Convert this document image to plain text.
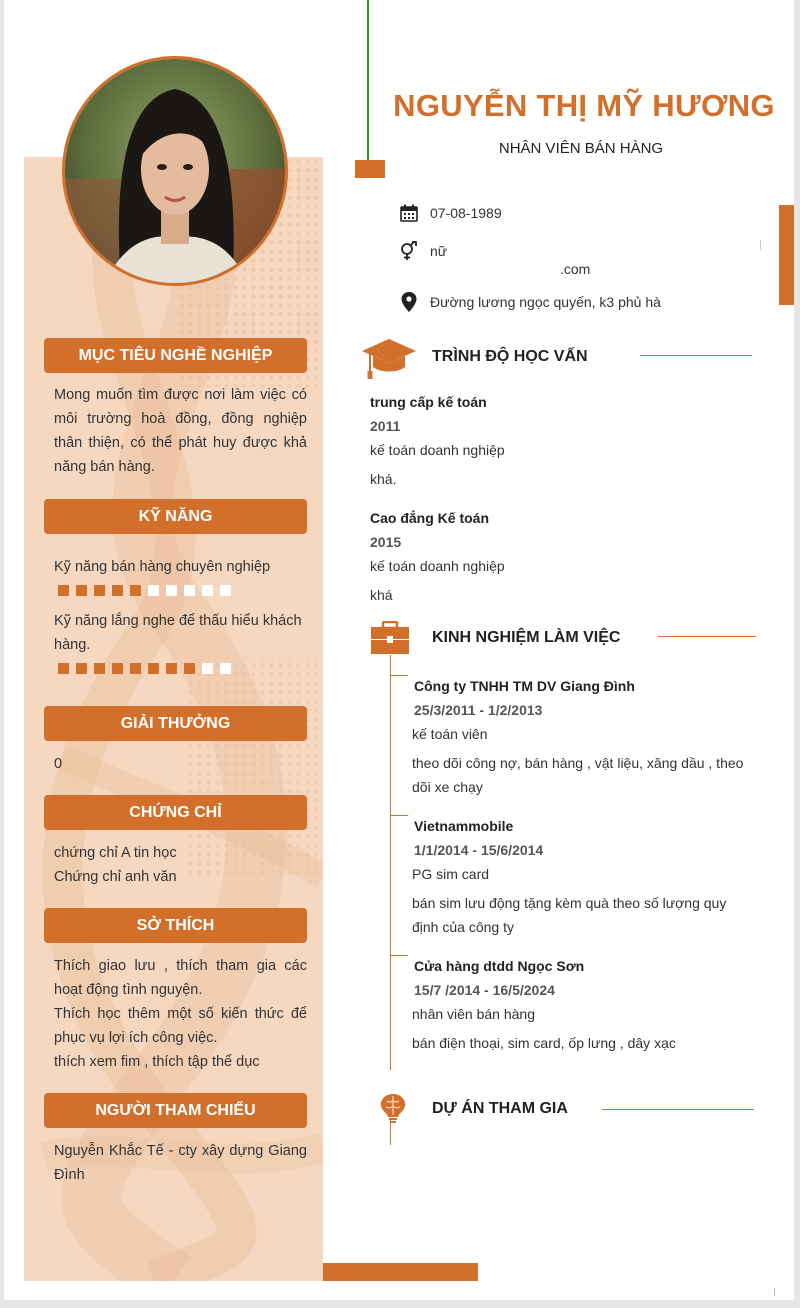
MỤC TIÊU NGHỀ NGHIỆP
Mong muốn tìm được nơi làm việc có môi trường hoà đồng, đồng nghiệp thân thiện, có thể phát huy được khả năng bán hàng.
KỸ NĂNG
Kỹ năng bán hàng chuyên nghiệp
Kỹ năng lắng nghe để thấu hiểu khách hàng.
GIẢI THƯỞNG
0
CHỨNG CHỈ
chứng chỉ A tin học
Chứng chỉ anh văn
SỞ THÍCH
Thích giao lưu , thích tham gia các hoạt động tình nguyện.
Thích học thêm một số kiến thức để phục vụ lợi ích công việc.
thích xem fim , thích tập thể dục
NGƯỜI THAM CHIẾU
Nguyễn Khắc Tế - cty xây dựng Giang Đình
NGUYỄN THỊ MỸ HƯƠNG
NHÂN VIÊN BÁN HÀNG
07-08-1989
nữ
.com
Đường lương ngọc quyến, k3 phủ hà
TRÌNH ĐỘ HỌC VẤN
trung cấp kế toán
2011
kế toán doanh nghiệp
khá.
Cao đẳng Kế toán
2015
kế toán doanh nghiệp
khá
KINH NGHIỆM LÀM VIỆC
Công ty TNHH TM DV Giang Đình
25/3/2011 - 1/2/2013
kế toán viên
theo dõi công nợ, bán hàng , vật liệu, xăng dầu , theo dõi xe chạy
Vietnammobile
1/1/2014 - 15/6/2014
PG sim card
bán sim lưu động tặng kèm quà theo số lượng quy định của công ty
Cửa hàng dtdd Ngọc Sơn
15/7 /2014 - 16/5/2024
nhân viên bán hàng
bán điện thoại, sim card, ốp lưng , dây xạc
DỰ ÁN THAM GIA
